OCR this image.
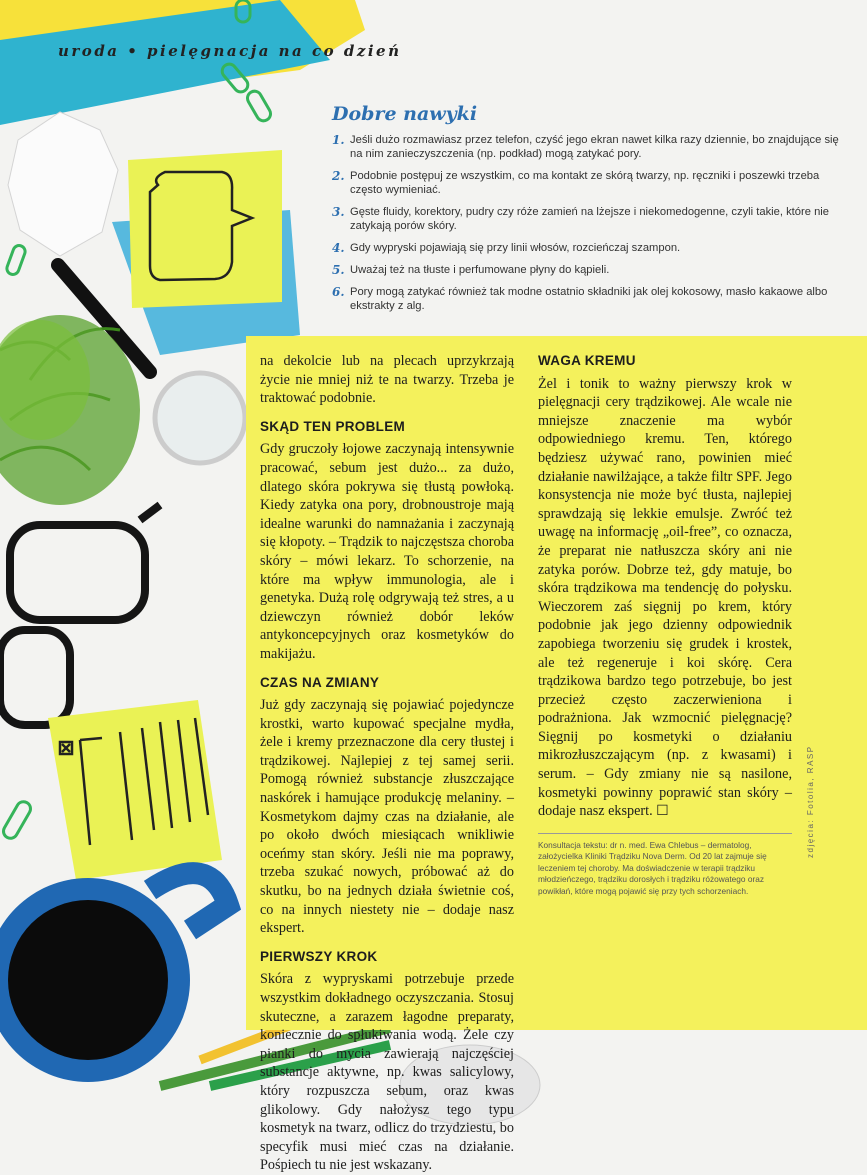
uroda • pielęgnacja na co dzień
Dobre nawyki
1. Jeśli dużo rozmawiasz przez telefon, czyść jego ekran nawet kilka razy dziennie, bo znajdujące się na nim zanieczyszczenia (np. podkład) mogą zatykać pory.
2. Podobnie postępuj ze wszystkim, co ma kontakt ze skórą twarzy, np. ręczniki i poszewki trzeba często wymieniać.
3. Gęste fluidy, korektory, pudry czy róże zamień na lżejsze i niekomedogenne, czyli takie, które nie zatykają porów skóry.
4. Gdy wypryski pojawiają się przy linii włosów, rozcieńczaj szampon.
5. Uważaj też na tłuste i perfumowane płyny do kąpieli.
6. Pory mogą zatykać również tak modne ostatnio składniki jak olej kokosowy, masło kakaowe albo ekstrakty z alg.

na dekolcie lub na plecach uprzykrzają życie nie mniej niż te na twarzy. Trzeba je traktować podobnie.

SKĄD TEN PROBLEM

Gdy gruczoły łojowe zaczynają intensywnie pracować, sebum jest dużo... za dużo, dlatego skóra pokrywa się tłustą powłoką. Kiedy zatyka ona pory, drobnoustroje mają idealne warunki do namnażania i zaczynają się kłopoty. – Trądzik to najczęstsza choroba skóry – mówi lekarz. To schorzenie, na które ma wpływ immunologia, ale i genetyka. Dużą rolę odgrywają też stres, a u dziewczyn również dobór leków antykoncepcyjnych oraz kosmetyków do makijażu.

CZAS NA ZMIANY

Już gdy zaczynają się pojawiać pojedyncze krostki, warto kupować specjalne mydła, żele i kremy przeznaczone dla cery tłustej i trądzikowej. Najlepiej z tej samej serii. Pomogą również substancje złuszczające naskórek i hamujące produkcję melaniny. – Kosmetykom dajmy czas na działanie, ale po około dwóch miesiącach wnikliwie oceńmy stan skóry. Jeśli nie ma poprawy, trzeba szukać nowych, próbować aż do skutku, bo na jednych działa świetnie coś, co na innych niestety nie – dodaje nasz ekspert.

PIERWSZY KROK

Skóra z wypryskami potrzebuje przede wszystkim dokładnego oczyszczania. Stosuj skuteczne, a zarazem łagodne preparaty, koniecznie do spłukiwania wodą. Żele czy pianki do mycia zawierają najczęściej substancje aktywne, np. kwas salicylowy, który rozpuszcza sebum, oraz kwas glikolowy. Gdy nałożysz tego typu kosmetyk na twarz, odlicz do trzydziestu, bo specyfik musi mieć czas na działanie. Pośpiech tu nie jest wskazany.

WAGA KREMU

Żel i tonik to ważny pierwszy krok w pielęgnacji cery trądzikowej. Ale wcale nie mniejsze znaczenie ma wybór odpowiedniego kremu. Ten, którego będziesz używać rano, powinien mieć działanie nawilżające, a także filtr SPF. Jego konsystencja nie może być tłusta, najlepiej sprawdzają się lekkie emulsje. Zwróć też uwagę na informację „oil-free”, co oznacza, że preparat nie natłuszcza skóry ani nie zatyka porów. Dobrze też, gdy matuje, bo skóra trądzikowa ma tendencję do połysku. Wieczorem zaś sięgnij po krem, który podobnie jak jego dzienny odpowiednik zapobiega tworzeniu się grudek i krostek, ale też regeneruje i koi skórę. Cera trądzikowa bardzo tego potrzebuje, bo jest przecież często zaczerwieniona i podrażniona. Jak wzmocnić pielęgnację? Sięgnij po kosmetyki o działaniu mikrozłuszczającym (np. z kwasami) i serum. – Gdy zmiany nie są nasilone, kosmetyki powinny poprawić stan skóry – dodaje nasz ekspert. ☐

Konsultacja tekstu: dr n. med. Ewa Chlebus – dermatolog, założycielka Kliniki Trądziku Nova Derm. Od 20 lat zajmuje się leczeniem tej choroby. Ma doświadczenie w terapii trądziku młodzieńczego, trądziku dorosłych i trądziku różowatego oraz powikłań, które mogą pojawić się przy tych schorzeniach.
zdjęcia: Fotolia, RASP
